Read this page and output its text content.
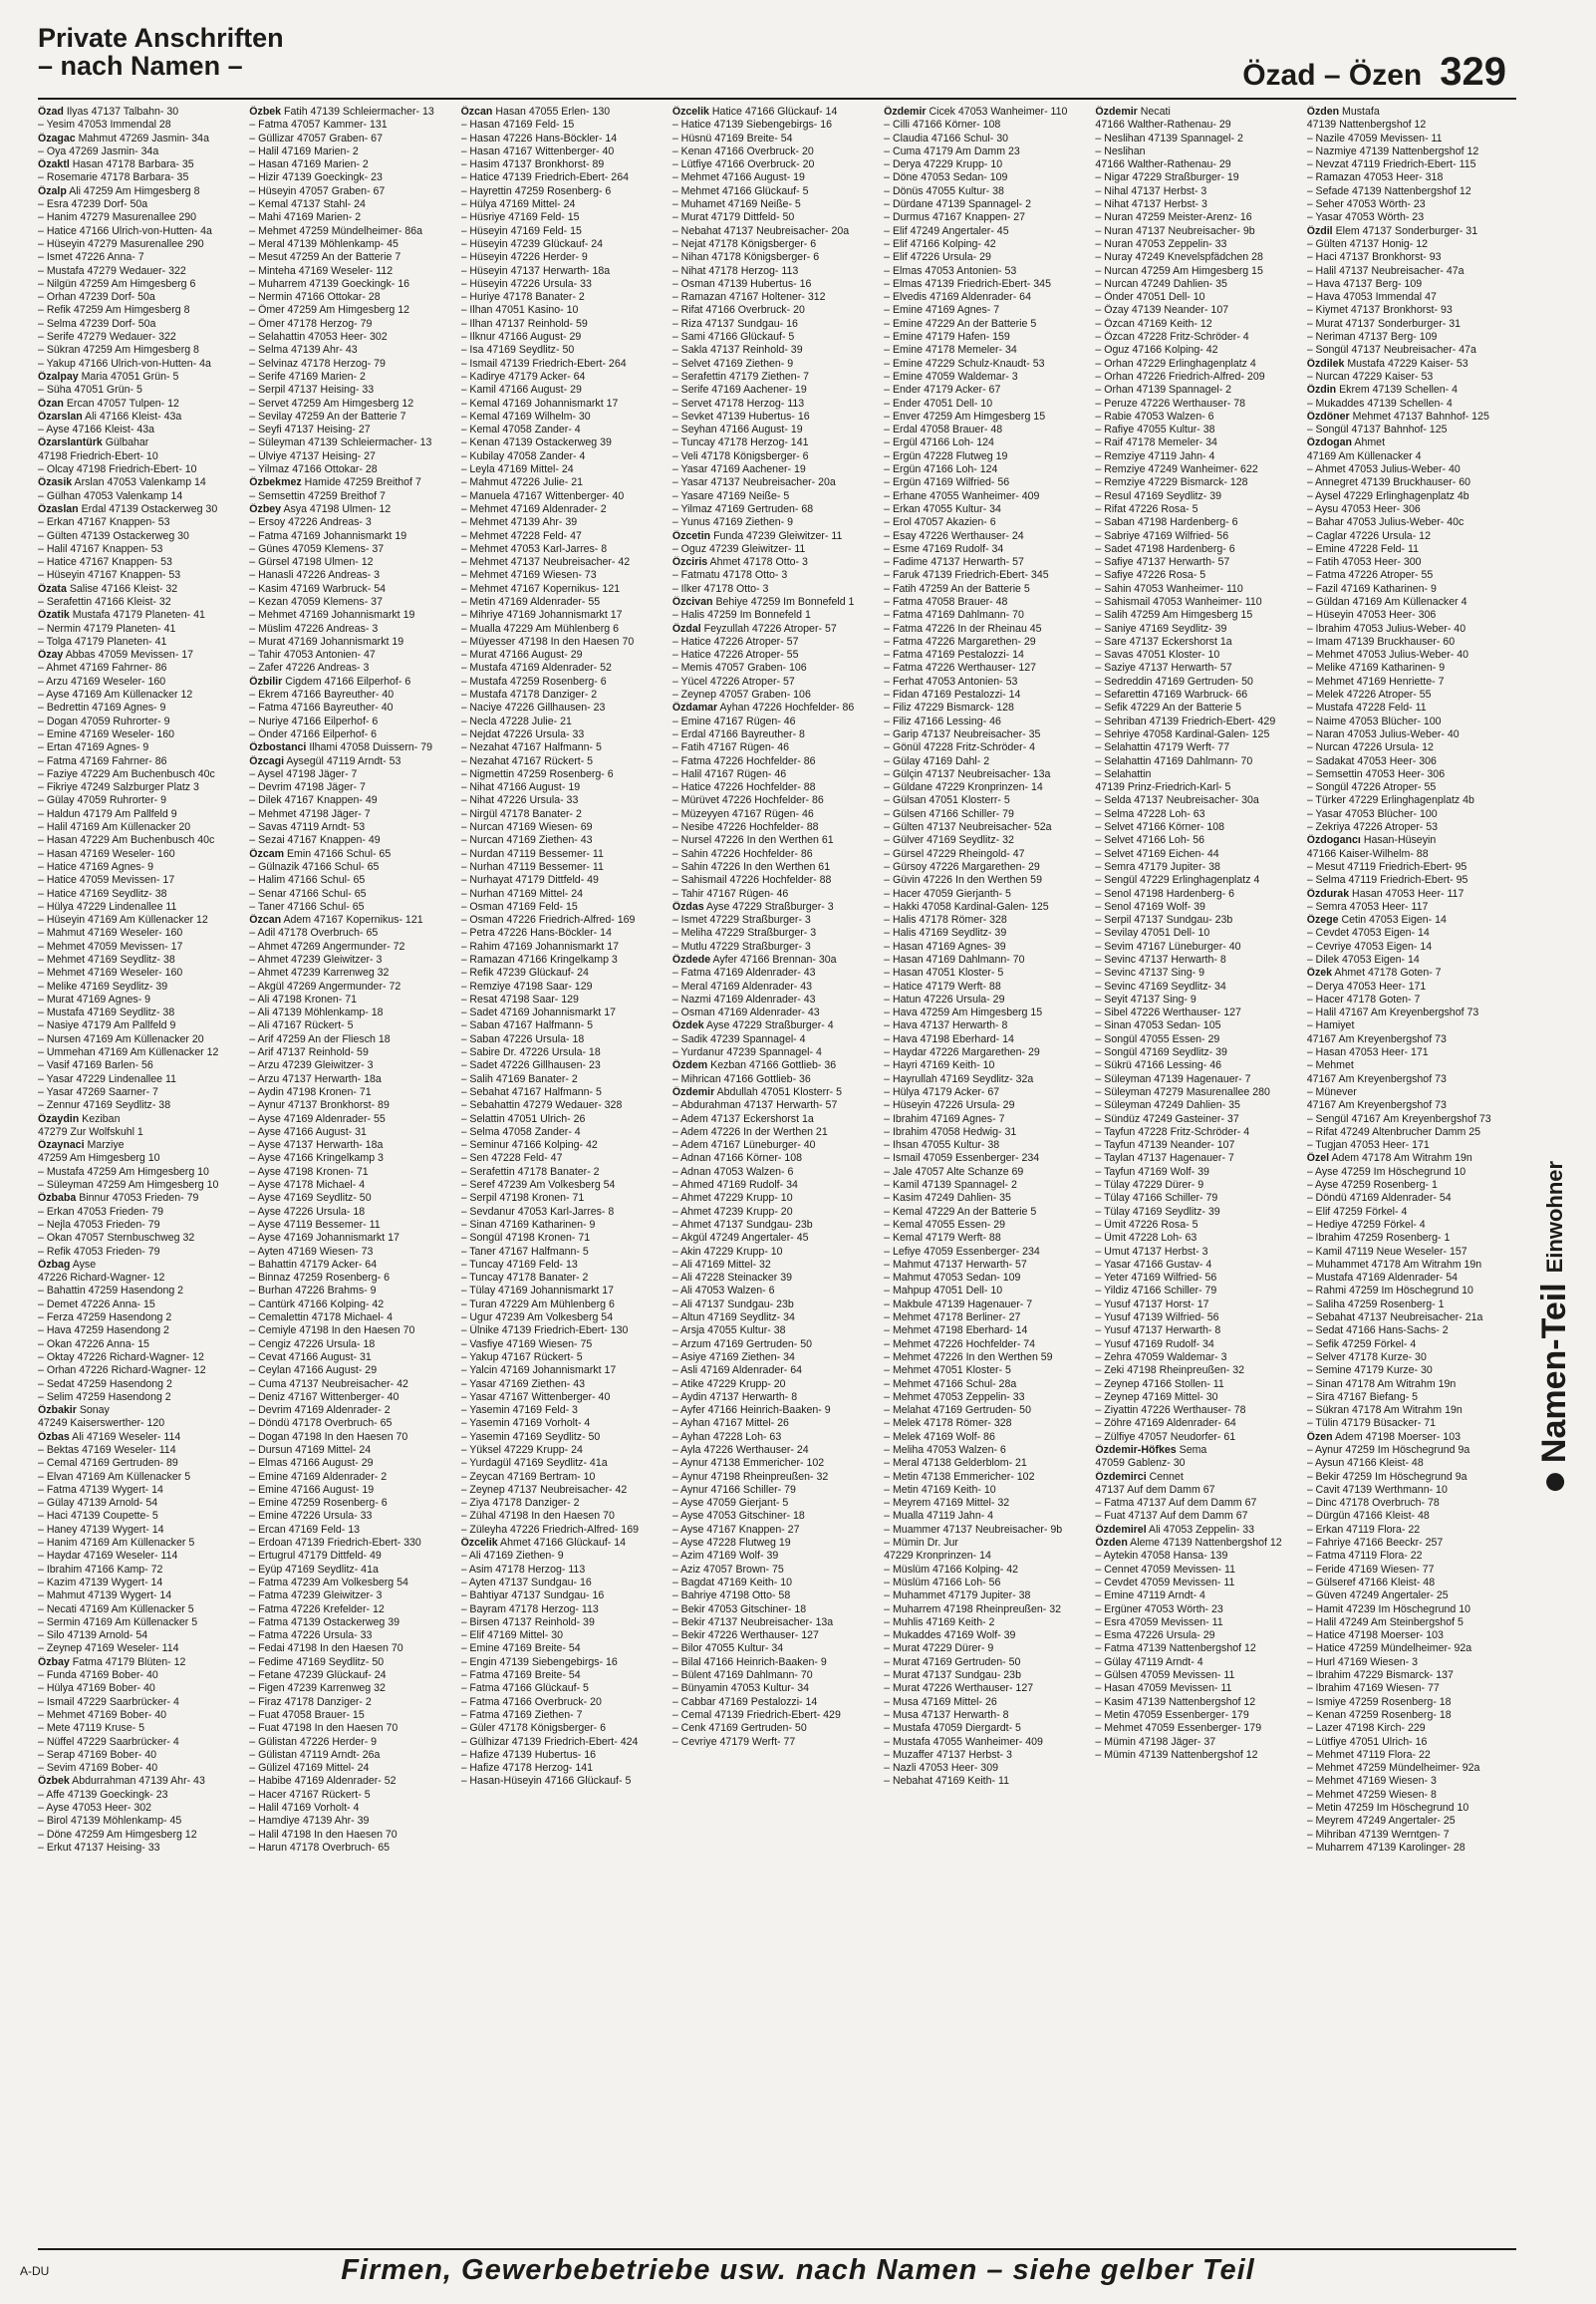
Private Anschriften
– nach Namen –	Özad – Özen 329
Özad Ilyas 47137 Talbahn- 30
– Yesim 47053 Immendal 28
Özagac Mahmut 47269 Jasmin- 34a
– Oya 47269 Jasmin- 34a
Özaktl Hasan 47178 Barbara- 35
– Rosemarie 47178 Barbara- 35
Özalp Ali 47259 Am Himgesberg 8
– Esra 47239 Dorf- 50a
– Hanim 47279 Masurenallee 290
– Hatice 47166 Ulrich-von-Hutten- 4a
– Hüseyin 47279 Masurenallee 290
– Ismet 47226 Anna- 7
– Mustafa 47279 Wedauer- 322
– Nilgün 47259 Am Himgesberg 6
– Orhan 47239 Dorf- 50a
– Refik 47259 Am Himgesberg 8
– Selma 47239 Dorf- 50a
– Serife 47279 Wedauer- 322
– Sükran 47259 Am Himgesberg 8
– Yakup 47166 Ulrich-von-Hutten- 4a
Özalpay Maria 47051 Grün- 5
– Süha 47051 Grün- 5
Özan Ercan 47057 Tulpen- 12
Özarslan Ali 47166 Kleist- 43a
– Ayse 47166 Kleist- 43a
Özarslantürk Gülbahar
47198 Friedrich-Ebert- 10
– Olcay 47198 Friedrich-Ebert- 10
Özasik Arslan 47053 Valenkamp 14
– Gülhan 47053 Valenkamp 14
Özaslan Erdal 47139 Ostackerweg 30
– Erkan 47167 Knappen- 53
– Gülten 47139 Ostackerweg 30
– Halil 47167 Knappen- 53
– Hatice 47167 Knappen- 53
– Hüseyin 47167 Knappen- 53
Özata Salise 47166 Kleist- 32
– Serafettin 47166 Kleist- 32
Özatik Mustafa 47179 Planeten- 41
– Nermin 47179 Planeten- 41
– Tolga 47179 Planeten- 41
Özay Abbas 47059 Mevissen- 17
– Ahmet 47169 Fahrner- 86
– Arzu 47169 Weseler- 160
– Ayse 47169 Am Küllenacker 12
– Bedrettin 47169 Agnes- 9
– Dogan 47059 Ruhrorter- 9
– Emine 47169 Weseler- 160
– Ertan 47169 Agnes- 9
– Fatma 47169 Fahrner- 86
– Faziye 47229 Am Buchenbusch 40c
– Fikriye 47249 Salzburger Platz 3
– Gülay 47059 Ruhrorter- 9
– Haldun 47179 Am Pallfeld 9
– Halil 47169 Am Küllenacker 20
– Hasan 47229 Am Buchenbusch 40c
– Hasan 47169 Weseler- 160
– Hatice 47169 Agnes- 9
– Hatice 47059 Mevissen- 17
– Hatice 47169 Seydlitz- 38
– Hülya 47229 Lindenallee 11
– Hüseyin 47169 Am Küllenacker 12
– Mahmut 47169 Weseler- 160
– Mehmet 47059 Mevissen- 17
– Mehmet 47169 Seydlitz- 38
– Mehmet 47169 Weseler- 160
– Melike 47169 Seydlitz- 39
– Murat 47169 Agnes- 9
– Mustafa 47169 Seydlitz- 38
– Nasiye 47179 Am Pallfeld 9
– Nursen 47169 Am Küllenacker 20
– Ummehan 47169 Am Küllenacker 12
– Vasif 47169 Barlen- 56
– Yasar 47229 Lindenallee 11
– Yasar 47269 Saarner- 7
– Zennur 47169 Seydlitz- 38
Özaydin Keziban
47279 Zur Wolfskuhl 1
Özaynaci Marziye
47259 Am Himgesberg 10
– Mustafa 47259 Am Himgesberg 10
– Süleyman 47259 Am Himgesberg 10
Özbaba Binnur 47053 Frieden- 79
– Erkan 47053 Frieden- 79
– Nejla 47053 Frieden- 79
– Okan 47057 Sternbuschweg 32
– Refik 47053 Frieden- 79
Özbag Ayse
47226 Richard-Wagner- 12
– Bahattin 47259 Hasendong 2
– Demet 47226 Anna- 15
– Ferza 47259 Hasendong 2
– Hava 47259 Hasendong 2
– Okan 47226 Anna- 15
– Oktay 47226 Richard-Wagner- 12
– Orhan 47226 Richard-Wagner- 12
– Sedat 47259 Hasendong 2
– Selim 47259 Hasendong 2
Özbakir Sonay
47249 Kaiserswerther- 120
Özbas Ali 47169 Weseler- 114
– Bektas 47169 Weseler- 114
– Cemal 47169 Gertruden- 89
– Elvan 47169 Am Küllenacker 5
– Fatma 47139 Wygert- 14
– Gülay 47139 Arnold- 54
– Haci 47139 Coupette- 5
– Haney 47139 Wygert- 14
– Hanim 47169 Am Küllenacker 5
– Haydar 47169 Weseler- 114
– Ibrahim 47166 Kamp- 72
– Kazim 47139 Wygert- 14
– Mahmut 47139 Wygert- 14
– Necati 47169 Am Küllenacker 5
– Sermin 47169 Am Küllenacker 5
– Silo 47139 Arnold- 54
– Zeynep 47169 Weseler- 114
Özbay Fatma 47179 Blüten- 12
– Funda 47169 Bober- 40
– Hülya 47169 Bober- 40
– Ismail 47229 Saarbrücker- 4
– Mehmet 47169 Bober- 40
– Mete 47119 Kruse- 5
– Nüffel 47229 Saarbrücker- 4
– Serap 47169 Bober- 40
– Sevim 47169 Bober- 40
Özbek Abdurrahman 47139 Ahr- 43
– Affe 47139 Goeckingk- 23
– Ayse 47053 Heer- 302
– Birol 47139 Möhlenkamp- 45
– Döne 47259 Am Himgesberg 12
– Erkut 47137 Heising- 33
Özbek Fatih 47139 Schleiermacher- 13
– Fatma 47057 Kammer- 131
– Güllizar 47057 Graben- 67
– Halil 47169 Marien- 2
– Hasan 47169 Marien- 2
– Hizir 47139 Goeckingk- 23
– Hüseyin 47057 Graben- 67
– Kemal 47137 Stahl- 24
– Mahi 47169 Marien- 2
– Mehmet 47259 Mündelheimer- 86a
– Meral 47139 Möhlenkamp- 45
– Mesut 47259 An der Batterie 7
– Minteha 47169 Weseler- 112
– Muharrem 47139 Goeckingk- 16
– Nermin 47166 Ottokar- 28
– Ömer 47259 Am Himgesberg 12
– Ömer 47178 Herzog- 79
– Selahattin 47053 Heer- 302
– Selma 47139 Ahr- 43
– Selvinaz 47178 Herzog- 79
– Serife 47169 Marien- 2
– Serpil 47137 Heising- 33
– Servet 47259 Am Himgesberg 12
– Sevilay 47259 An der Batterie 7
– Seyfi 47137 Heising- 27
– Süleyman 47139 Schleiermacher- 13
– Ülviye 47137 Heising- 27
– Yilmaz 47166 Ottokar- 28
Özbekmez Hamide 47259 Breithof 7
– Semsettin 47259 Breithof 7
Özbey Asya 47198 Ulmen- 12
– Ersoy 47226 Andreas- 3
– Fatma 47169 Johannismarkt 19
– Günes 47059 Klemens- 37
– Gürsel 47198 Ulmen- 12
– Hanasli 47226 Andreas- 3
– Kasim 47169 Warbruck- 54
– Kezan 47059 Klemens- 37
– Mehmet 47169 Johannismarkt 19
– Müslim 47226 Andreas- 3
– Murat 47169 Johannismarkt 19
– Tahir 47053 Antonien- 47
– Zafer 47226 Andreas- 3
Özbilir Cigdem 47166 Eilperhof- 6
– Ekrem 47166 Bayreuther- 40
– Fatma 47166 Bayreuther- 40
– Nuriye 47166 Eilperhof- 6
– Önder 47166 Eilperhof- 6
Özbostanci Ilhami 47058 Duissern- 79
Özcagi Aysegül 47119 Arndt- 53
– Aysel 47198 Jäger- 7
– Devrim 47198 Jäger- 7
– Dilek 47167 Knappen- 49
– Mehmet 47198 Jäger- 7
– Savas 47119 Arndt- 53
– Sezai 47167 Knappen- 49
Özcam Emin 47166 Schul- 65
– Gülnazik 47166 Schul- 65
– Halim 47166 Schul- 65
– Senar 47166 Schul- 65
– Taner 47166 Schul- 65
Özcan Adem 47167 Kopernikus- 121
– Adil 47178 Overbruch- 65
– Ahmet 47269 Angermunder- 72
– Ahmet 47239 Gleiwitzer- 3
– Ahmet 47239 Karrenweg 32
– Akgül 47269 Angermunder- 72
– Ali 47198 Kronen- 71
– Ali 47139 Möhlenkamp- 18
– Ali 47167 Rückert- 5
– Arif 47259 An der Fliesch 18
– Arif 47137 Reinhold- 59
– Arzu 47239 Gleiwitzer- 3
– Arzu 47137 Herwarth- 18a
– Aydin 47198 Kronen- 71
– Aynur 47137 Bronkhorst- 89
– Ayse 47169 Aldenrader- 55
– Ayse 47166 August- 31
– Ayse 47137 Herwarth- 18a
– Ayse 47166 Kringelkamp 3
– Ayse 47198 Kronen- 71
– Ayse 47178 Michael- 4
– Ayse 47169 Seydlitz- 50
– Ayse 47226 Ursula- 18
– Ayse 47119 Bessemer- 11
– Ayse 47169 Johannismarkt 17
– Ayten 47169 Wiesen- 73
– Bahattin 47179 Acker- 64
– Binnaz 47259 Rosenberg- 6
– Burhan 47226 Brahms- 9
– Cantürk 47166 Kolping- 42
– Cemalettin 47178 Michael- 4
– Cemiyle 47198 In den Haesen 70
– Cengiz 47226 Ursula- 18
– Cevat 47166 August- 31
– Ceylan 47166 August- 29
– Cuma 47137 Neubreisacher- 42
– Deniz 47167 Wittenberger- 40
– Devrim 47169 Aldenrader- 2
– Döndü 47178 Overbruch- 65
– Dogan 47198 In den Haesen 70
– Dursun 47169 Mittel- 24
– Elmas 47166 August- 29
– Emine 47169 Aldenrader- 2
– Emine 47166 August- 19
– Emine 47259 Rosenberg- 6
– Emine 47226 Ursula- 33
– Ercan 47169 Feld- 13
– Erdoan 47139 Friedrich-Ebert- 330
– Ertugrul 47179 Dittfeld- 49
– Eyüp 47169 Seydlitz- 41a
– Fatma 47239 Am Volkesberg 54
– Fatma 47239 Gleiwitzer- 3
– Fatma 47226 Krefelder- 12
– Fatma 47139 Ostackerweg 39
– Fatma 47226 Ursula- 33
– Fedai 47198 In den Haesen 70
– Fedime 47169 Seydlitz- 50
– Fetane 47239 Glückauf- 24
– Figen 47239 Karrenweg 32
– Firaz 47178 Danziger- 2
– Fuat 47058 Brauer- 15
– Fuat 47198 In den Haesen 70
– Gülistan 47226 Herder- 9
– Gülistan 47119 Arndt- 26a
– Gülizel 47169 Mittel- 24
– Habibe 47169 Aldenrader- 52
– Hacer 47167 Rückert- 5
– Halil 47169 Vorholt- 4
– Hamdiye 47139 Ahr- 39
– Halil 47198 In den Haesen 70
– Harun 47178 Overbruch- 65
Özcan Hasan 47055 Erlen- 130
– Hasan 47169 Feld- 15
– Hasan 47226 Hans-Böckler- 14
– Hasan 47167 Wittenberger- 40
– Hasim 47137 Bronkhorst- 89
– Hatice 47139 Friedrich-Ebert- 264
– Hayrettin 47259 Rosenberg- 6
– Hülya 47169 Mittel- 24
– Hüsriye 47169 Feld- 15
– Hüseyin 47169 Feld- 15
– Hüseyin 47239 Glückauf- 24
– Hüseyin 47226 Herder- 9
– Hüseyin 47137 Herwarth- 18a
– Hüseyin 47226 Ursula- 33
– Huriye 47178 Banater- 2
– Ilhan 47051 Kasino- 10
– Ilhan 47137 Reinhold- 59
– Ilknur 47166 August- 29
– Isa 47169 Seydlitz- 50
– Ismail 47139 Friedrich-Ebert- 264
– Kadirye 47179 Acker- 64
– Kamil 47166 August- 29
– Kemal 47169 Johannismarkt 17
– Kemal 47169 Wilhelm- 30
– Kemal 47058 Zander- 4
– Kenan 47139 Ostackerweg 39
– Kubilay 47058 Zander- 4
– Leyla 47169 Mittel- 24
– Mahmut 47226 Julie- 21
– Manuela 47167 Wittenberger- 40
– Mehmet 47169 Aldenrader- 2
– Mehmet 47139 Ahr- 39
– Mehmet 47228 Feld- 47
– Mehmet 47053 Karl-Jarres- 8
– Mehmet 47137 Neubreisacher- 42
– Mehmet 47169 Wiesen- 73
– Mehmet 47167 Kopernikus- 121
– Metin 47169 Aldenrader- 55
– Mihriye 47169 Johannismarkt 17
– Mualla 47229 Am Mühlenberg 6
– Müyesser 47198 In den Haesen 70
– Murat 47166 August- 29
– Mustafa 47169 Aldenrader- 52
– Mustafa 47259 Rosenberg- 6
– Mustafa 47178 Danziger- 2
– Naciye 47226 Gillhausen- 23
– Necla 47228 Julie- 21
– Nejdat 47226 Ursula- 33
– Nezahat 47167 Halfmann- 5
– Nezahat 47167 Rückert- 5
– Nigmettin 47259 Rosenberg- 6
– Nihat 47166 August- 19
– Nihat 47226 Ursula- 33
– Nirgül 47178 Banater- 2
– Nurcan 47169 Wiesen- 69
– Nurcan 47169 Ziethen- 43
– Nurdan 47119 Bessemer- 11
– Nurhan 47119 Bessemer- 11
– Nurhayat 47179 Dittfeld- 49
– Nurhan 47169 Mittel- 24
– Osman 47169 Feld- 15
– Osman 47226 Friedrich-Alfred- 169
– Petra 47226 Hans-Böckler- 14
– Rahim 47169 Johannismarkt 17
– Ramazan 47166 Kringelkamp 3
– Refik 47239 Glückauf- 24
– Remziye 47198 Saar- 129
– Resat 47198 Saar- 129
– Sadet 47169 Johannismarkt 17
– Saban 47167 Halfmann- 5
– Saban 47226 Ursula- 18
– Sabire Dr. 47226 Ursula- 18
– Sadet 47226 Gillhausen- 23
– Salih 47169 Banater- 2
– Sebahat 47167 Halfmann- 5
– Sebahattin 47279 Wedauer- 328
– Selattin 47051 Ulrich- 26
– Selma 47058 Zander- 4
– Seminur 47166 Kolping- 42
– Sen 47228 Feld- 47
– Serafettin 47178 Banater- 2
– Seref 47239 Am Volkesberg 54
– Serpil 47198 Kronen- 71
– Sevdanur 47053 Karl-Jarres- 8
– Sinan 47169 Katharinen- 9
– Songül 47198 Kronen- 71
– Taner 47167 Halfmann- 5
– Tuncay 47169 Feld- 13
– Tuncay 47178 Banater- 2
– Tülay 47169 Johannismarkt 17
– Turan 47229 Am Mühlenberg 6
– Ugur 47239 Am Volkesberg 54
– Ülnike 47139 Friedrich-Ebert- 130
– Vasfiye 47169 Wiesen- 75
– Yakup 47167 Rückert- 5
– Yalcin 47169 Johannismarkt 17
– Yasar 47169 Ziethen- 43
– Yasar 47167 Wittenberger- 40
– Yasemin 47169 Feld- 3
– Yasemin 47169 Vorholt- 4
– Yasemin 47169 Seydlitz- 50
– Yüksel 47229 Krupp- 24
– Yurdagül 47169 Seydlitz- 41a
– Zeycan 47169 Bertram- 10
– Zeynep 47137 Neubreisacher- 42
– Ziya 47178 Danziger- 2
– Zühal 47198 In den Haesen 70
– Züleyha 47226 Friedrich-Alfred- 169
Özcelik Ahmet 47166 Glückauf- 14
– Ali 47169 Ziethen- 9
– Asim 47178 Herzog- 113
– Ayten 47137 Sundgau- 16
– Bahtiyar 47137 Sundgau- 16
– Bayram 47178 Herzog- 113
– Birsen 47137 Reinhold- 39
– Elif 47169 Mittel- 30
– Emine 47169 Breite- 54
– Engin 47139 Siebengebirgs- 16
– Fatma 47169 Breite- 54
– Fatma 47166 Glückauf- 5
– Fatma 47166 Overbruck- 20
– Fatma 47169 Ziethen- 7
– Güler 47178 Königsberger- 6
– Gülhizar 47139 Friedrich-Ebert- 424
– Hafize 47139 Hubertus- 16
– Hafize 47178 Herzog- 141
– Hasan-Hüseyin 47166 Glückauf- 5
Özcelik Hatice 47166 Glückauf- 14
– Hatice 47139 Siebengebirgs- 16
– Hüsnü 47169 Breite- 54
– Kenan 47166 Overbruck- 20
– Lütfiye 47166 Overbruck- 20
– Mehmet 47166 August- 19
– Mehmet 47166 Glückauf- 5
– Muhamet 47169 Neiße- 5
– Murat 47179 Dittfeld- 50
– Nebahat 47137 Neubreisacher- 20a
– Nejat 47178 Königsberger- 6
– Nihan 47178 Königsberger- 6
– Nihat 47178 Herzog- 113
– Osman 47139 Hubertus- 16
– Ramazan 47167 Holtener- 312
– Rifat 47166 Overbruck- 20
– Riza 47137 Sundgau- 16
– Sami 47166 Glückauf- 5
– Sakla 47137 Reinhold- 39
– Selvet 47169 Ziethen- 9
– Serafettin 47179 Ziethen- 7
– Serife 47169 Aachener- 19
– Servet 47178 Herzog- 113
– Sevket 47139 Hubertus- 16
– Seyhan 47166 August- 19
– Tuncay 47178 Herzog- 141
– Veli 47178 Königsberger- 6
– Yasar 47169 Aachener- 19
– Yasar 47137 Neubreisacher- 20a
– Yasare 47169 Neiße- 5
– Yilmaz 47169 Gertruden- 68
– Yunus 47169 Ziethen- 9
Özcetin Funda 47239 Gleiwitzer- 11
– Oguz 47239 Gleiwitzer- 11
Özciris Ahmet 47178 Otto- 3
– Fatmatu 47178 Otto- 3
– Ilker 47178 Otto- 3
Özcivan Behiye 47259 Im Bonnefeld 1
– Halis 47259 Im Bonnefeld 1
Özdal Feyzullah 47226 Atroper- 57
– Hatice 47226 Atroper- 57
– Hatice 47226 Atroper- 55
– Memis 47057 Graben- 106
– Yücel 47226 Atroper- 57
– Zeynep 47057 Graben- 106
Özdamar Ayhan 47226 Hochfelder- 86
– Emine 47167 Rügen- 46
– Erdal 47166 Bayreuther- 8
– Fatih 47167 Rügen- 46
– Fatma 47226 Hochfelder- 86
– Halil 47167 Rügen- 46
– Hatice 47226 Hochfelder- 88
– Mürüvet 47226 Hochfelder- 86
– Müzeyyen 47167 Rügen- 46
– Nesibe 47226 Hochfelder- 88
– Nursel 47226 In den Werthen 61
– Sahin 47226 Hochfelder- 86
– Sahin 47226 In den Werthen 61
– Sahismail 47226 Hochfelder- 88
– Tahir 47167 Rügen- 46
Özdas Ayse 47229 Straßburger- 3
– Ismet 47229 Straßburger- 3
– Meliha 47229 Straßburger- 3
– Mutlu 47229 Straßburger- 3
Özdede Ayfer 47166 Brennan- 30a
– Fatma 47169 Aldenrader- 43
– Meral 47169 Aldenrader- 43
– Nazmi 47169 Aldenrader- 43
– Osman 47169 Aldenrader- 43
Özdek Ayse 47229 Straßburger- 4
– Sadik 47239 Spannagel- 4
– Yurdanur 47239 Spannagel- 4
Özdem Kezban 47166 Gottlieb- 36
– Mihrican 47166 Gottlieb- 36
Özdemir Abdullah 47051 Klosterr- 5
– Abdurahman 47137 Herwarth- 57
– Adem 47137 Eckershorst 1a
– Adem 47226 In der Werthen 21
– Adem 47167 Lüneburger- 40
– Adnan 47166 Körner- 108
– Adnan 47053 Walzen- 6
– Ahmed 47169 Rudolf- 34
– Ahmet 47229 Krupp- 10
– Ahmet 47239 Krupp- 20
– Ahmet 47137 Sundgau- 23b
– Akgül 47249 Angertaler- 45
– Akin 47229 Krupp- 10
– Ali 47169 Mittel- 32
– Ali 47228 Steinacker 39
– Ali 47053 Walzen- 6
– Ali 47137 Sundgau- 23b
– Altun 47169 Seydlitz- 34
– Arsja 47055 Kultur- 38
– Arzum 47169 Gertruden- 50
– Asiye 47169 Ziethen- 34
– Asli 47169 Aldenrader- 64
– Atike 47229 Krupp- 20
– Aydin 47137 Herwarth- 8
– Ayfer 47166 Heinrich-Baaken- 9
– Ayhan 47167 Mittel- 26
– Ayhan 47228 Loh- 63
– Ayla 47226 Werthauser- 24
– Aynur 47138 Emmericher- 102
– Aynur 47198 Rheinpreußen- 32
– Aynur 47166 Schiller- 79
– Ayse 47059 Gierjant- 5
– Ayse 47053 Gitschiner- 18
– Ayse 47167 Knappen- 27
– Ayse 47228 Flutweg 19
– Azim 47169 Wolf- 39
– Aziz 47057 Brown- 75
– Bagdat 47169 Keith- 10
– Bahriye 47198 Otto- 58
– Bekir 47053 Gitschiner- 18
– Bekir 47137 Neubreisacher- 13a
– Bekir 47226 Werthauser- 127
– Bilor 47055 Kultur- 34
– Bilal 47166 Heinrich-Baaken- 9
– Bülent 47169 Dahlmann- 70
– Bünyamin 47053 Kultur- 34
– Cabbar 47169 Pestalozzi- 14
– Cemal 47139 Friedrich-Ebert- 429
– Cenk 47169 Gertruden- 50
– Cevriye 47179 Werft- 77
Özdemir Cicek 47053 Wanheimer- 110
– Cilli 47166 Körner- 108
– Claudia 47166 Schul- 30
– Cuma 47179 Am Damm 23
– Derya 47229 Krupp- 10
– Döne 47053 Sedan- 109
– Dönüs 47055 Kultur- 38
– Dürdane 47139 Spannagel- 2
– Durmus 47167 Knappen- 27
– Elif 47249 Angertaler- 45
– Elif 47166 Kolping- 42
– Elif 47226 Ursula- 29
– Elmas 47053 Antonien- 53
– Elmas 47139 Friedrich-Ebert- 345
– Elvedis 47169 Aldenrader- 64
– Emine 47169 Agnes- 7
– Emine 47229 An der Batterie 5
– Emine 47179 Hafen- 159
– Emine 47178 Memeler- 34
– Emine 47229 Schulz-Knaudt- 53
– Emine 47059 Waldemar- 3
– Ender 47179 Acker- 67
– Ender 47051 Dell- 10
– Enver 47259 Am Himgesberg 15
– Erdal 47058 Brauer- 48
– Ergül 47166 Loh- 124
– Ergün 47228 Flutweg 19
– Ergün 47166 Loh- 124
– Ergün 47169 Wilfried- 56
– Erhane 47055 Wanheimer- 409
– Erkan 47055 Kultur- 34
– Erol 47057 Akazien- 6
– Esay 47226 Werthauser- 24
– Esme 47169 Rudolf- 34
– Fadime 47137 Herwarth- 57
– Faruk 47139 Friedrich-Ebert- 345
– Fatih 47259 An der Batterie 5
– Fatma 47058 Brauer- 48
– Fatma 47169 Dahlmann- 70
– Fatma 47226 In der Rheinau 45
– Fatma 47226 Margarethen- 29
– Fatma 47169 Pestalozzi- 14
– Fatma 47226 Werthauser- 127
– Ferhat 47053 Antonien- 53
– Fidan 47169 Pestalozzi- 14
– Filiz 47229 Bismarck- 128
– Filiz 47166 Lessing- 46
– Garip 47137 Neubreisacher- 35
– Gönül 47228 Fritz-Schröder- 4
– Gülay 47169 Dahl- 2
– Gülçin 47137 Neubreisacher- 13a
– Güldane 47229 Kronprinzen- 14
– Gülsan 47051 Klosterr- 5
– Gülsen 47166 Schiller- 79
– Gülten 47137 Neubreisacher- 52a
– Gülver 47169 Seydlitz- 32
– Gürsel 47229 Rheingold- 47
– Gürsoy 47226 Margarethen- 29
– Güvin 47226 In den Werthen 59
– Hacer 47059 Gierjanth- 5
– Hakki 47058 Kardinal-Galen- 125
– Halis 47178 Römer- 328
– Halis 47169 Seydlitz- 39
– Hasan 47169 Agnes- 39
– Hasan 47169 Dahlmann- 70
– Hasan 47051 Kloster- 5
– Hatice 47179 Werft- 88
– Hatun 47226 Ursula- 29
– Hava 47259 Am Himgesberg 15
– Hava 47137 Herwarth- 8
– Hava 47198 Eberhard- 14
– Haydar 47226 Margarethen- 29
– Hayri 47169 Keith- 10
– Hayrullah 47169 Seydlitz- 32a
– Hülya 47179 Acker- 67
– Hüseyin 47226 Ursula- 29
– Ibrahim 47169 Agnes- 7
– Ibrahim 47058 Hedwig- 31
– Ihsan 47055 Kultur- 38
– Ismail 47059 Essenberger- 234
– Jale 47057 Alte Schanze 69
– Kamil 47139 Spannagel- 2
– Kasim 47249 Dahlien- 35
– Kemal 47229 An der Batterie 5
– Kemal 47055 Essen- 29
– Kemal 47179 Werft- 88
– Lefiye 47059 Essenberger- 234
– Mahmut 47137 Herwarth- 57
– Mahmut 47053 Sedan- 109
– Mahpup 47051 Dell- 10
– Makbule 47139 Hagenauer- 7
– Mehmet 47178 Berliner- 27
– Mehmet 47198 Eberhard- 14
– Mehmet 47226 Hochfelder- 74
– Mehmet 47226 In den Werthen 59
– Mehmet 47051 Kloster- 5
– Mehmet 47166 Schul- 28a
– Mehmet 47053 Zeppelin- 33
– Melahat 47169 Gertruden- 50
– Melek 47178 Römer- 328
– Melek 47169 Wolf- 86
– Meliha 47053 Walzen- 6
– Meral 47138 Gelderblom- 21
– Metin 47138 Emmericher- 102
– Metin 47169 Keith- 10
– Meyrem 47169 Mittel- 32
– Mualla 47119 Jahn- 4
– Muammer 47137 Neubreisacher- 9b
– Mümin Dr. Jur
47229 Kronprinzen- 14
– Müslüm 47166 Kolping- 42
– Müslüm 47166 Loh- 56
– Muhammet 47179 Jupiter- 38
– Muharrem 47198 Rheinpreußen- 32
– Muhlis 47169 Keith- 2
– Mukaddes 47169 Wolf- 39
– Murat 47229 Dürer- 9
– Murat 47169 Gertruden- 50
– Murat 47137 Sundgau- 23b
– Murat 47226 Werthauser- 127
– Musa 47169 Mittel- 26
– Musa 47137 Herwarth- 8
– Mustafa 47059 Diergardt- 5
– Mustafa 47055 Wanheimer- 409
– Muzaffer 47137 Herbst- 3
– Nazli 47053 Heer- 309
– Nebahat 47169 Keith- 11
Özdemir Necati
47166 Walther-Rathenau- 29
– Neslihan 47139 Spannagel- 2
– Neslihan
47166 Walther-Rathenau- 29
– Nigar 47229 Straßburger- 19
– Nihal 47137 Herbst- 3
– Nihat 47137 Herbst- 3
– Nuran 47259 Meister-Arenz- 16
– Nuran 47137 Neubreisacher- 9b
– Nuran 47053 Zeppelin- 33
– Nuray 47249 Knevelspfädchen 28
– Nurcan 47259 Am Himgesberg 15
– Nurcan 47249 Dahlien- 35
– Önder 47051 Dell- 10
– Özay 47139 Neander- 107
– Özcan 47169 Keith- 12
– Özcan 47228 Fritz-Schröder- 4
– Oguz 47166 Kolping- 42
– Orhan 47229 Erlinghagenplatz 4
– Orhan 47226 Friedrich-Alfred- 209
– Orhan 47139 Spannagel- 2
– Peruze 47226 Werthauser- 78
– Rabie 47053 Walzen- 6
– Rafiye 47055 Kultur- 38
– Raif 47178 Memeler- 34
– Remziye 47119 Jahn- 4
– Remziye 47249 Wanheimer- 622
– Remziye 47229 Bismarck- 128
– Resul 47169 Seydlitz- 39
– Rifat 47226 Rosa- 5
– Saban 47198 Hardenberg- 6
– Sabriye 47169 Wilfried- 56
– Sadet 47198 Hardenberg- 6
– Safiye 47137 Herwarth- 57
– Safiye 47226 Rosa- 5
– Sahin 47053 Wanheimer- 110
– Sahismail 47053 Wanheimer- 110
– Salih 47259 Am Himgesberg 15
– Saniye 47169 Seydlitz- 39
– Sare 47137 Eckershorst 1a
– Savas 47051 Kloster- 10
– Saziye 47137 Herwarth- 57
– Sedreddin 47169 Gertruden- 50
– Sefarettin 47169 Warbruck- 66
– Sefik 47229 An der Batterie 5
– Sehriban 47139 Friedrich-Ebert- 429
– Sehriye 47058 Kardinal-Galen- 125
– Selahattin 47179 Werft- 77
– Selahattin 47169 Dahlmann- 70
– Selahattin
47139 Prinz-Friedrich-Karl- 5
– Selda 47137 Neubreisacher- 30a
– Selma 47228 Loh- 63
– Selvet 47166 Körner- 108
– Selvet 47166 Loh- 56
– Selvet 47169 Eichen- 44
– Semra 47179 Jupiter- 38
– Sengül 47229 Erlinghagenplatz 4
– Senol 47198 Hardenberg- 6
– Senol 47169 Wolf- 39
– Serpil 47137 Sundgau- 23b
– Sevilay 47051 Dell- 10
– Sevim 47167 Lüneburger- 40
– Sevinc 47137 Herwarth- 8
– Sevinc 47137 Sing- 9
– Sevinc 47169 Seydlitz- 34
– Seyit 47137 Sing- 9
– Sibel 47226 Werthauser- 127
– Sinan 47053 Sedan- 105
– Songül 47055 Essen- 29
– Songül 47169 Seydlitz- 39
– Sükrü 47166 Lessing- 46
– Süleyman 47139 Hagenauer- 7
– Süleyman 47279 Masurenallee 280
– Süleyman 47249 Dahlien- 35
– Sündüz 47249 Gasteiner- 37
– Tayfun 47228 Fritz-Schröder- 4
– Tayfun 47139 Neander- 107
– Taylan 47137 Hagenauer- 7
– Tayfun 47169 Wolf- 39
– Tülay 47229 Dürer- 9
– Tülay 47166 Schiller- 79
– Tülay 47169 Seydlitz- 39
– Ümit 47226 Rosa- 5
– Ümit 47228 Loh- 63
– Umut 47137 Herbst- 3
– Yasar 47166 Gustav- 4
– Yeter 47169 Wilfried- 56
– Yildiz 47166 Schiller- 79
– Yusuf 47137 Horst- 17
– Yusuf 47139 Wilfried- 56
– Yusuf 47137 Herwarth- 8
– Yusuf 47169 Rudolf- 34
– Zehra 47059 Waldemar- 3
– Zeki 47198 Rheinpreußen- 32
– Zeynep 47166 Stollen- 11
– Zeynep 47169 Mittel- 30
– Ziyattin 47226 Werthauser- 78
– Zöhre 47169 Aldenrader- 64
– Zülfiye 47057 Neudorfer- 61
Özdemir-Höfkes Sema
47059 Gablenz- 30
Özdemirci Cennet
47137 Auf dem Damm 67
– Fatma 47137 Auf dem Damm 67
– Fuat 47137 Auf dem Damm 67
Özdemirel Ali 47053 Zeppelin- 33
Özden Aleme 47139 Nattenbergshof 12
– Aytekin 47058 Hansa- 139
– Cennet 47059 Mevissen- 11
– Cevdet 47059 Mevissen- 11
– Emine 47119 Arndt- 4
– Ergüner 47053 Wörth- 23
– Esra 47059 Mevissen- 11
– Esma 47226 Ursula- 29
– Fatma 47139 Nattenbergshof 12
– Gülay 47119 Arndt- 4
– Gülsen 47059 Mevissen- 11
– Hasan 47059 Mevissen- 11
– Kasim 47139 Nattenbergshof 12
– Metin 47059 Essenberger- 179
– Mehmet 47059 Essenberger- 179
– Mümin 47198 Jäger- 37
– Mümin 47139 Nattenbergshof 12
Özden Mustafa
47139 Nattenbergshof 12
– Nazile 47059 Mevissen- 11
– Nazmiye 47139 Nattenbergshof 12
– Nevzat 47119 Friedrich-Ebert- 115
– Ramazan 47053 Heer- 318
– Sefade 47139 Nattenbergshof 12
– Seher 47053 Wörth- 23
– Yasar 47053 Wörth- 23
Özdil Elem 47137 Sonderburger- 31
– Gülten 47137 Honig- 12
– Haci 47137 Bronkhorst- 93
– Halil 47137 Neubreisacher- 47a
– Hava 47137 Berg- 109
– Hava 47053 Immendal 47
– Kiymet 47137 Bronkhorst- 93
– Murat 47137 Sonderburger- 31
– Neriman 47137 Berg- 109
– Songül 47137 Neubreisacher- 47a
Özdilek Mustafa 47229 Kaiser- 53
– Nurcan 47229 Kaiser- 53
Özdin Ekrem 47139 Schellen- 4
– Mukaddes 47139 Schellen- 4
Özdöner Mehmet 47137 Bahnhof- 125
– Songül 47137 Bahnhof- 125
Özdogan Ahmet
47169 Am Küllenacker 4
– Ahmet 47053 Julius-Weber- 40
– Annegret 47139 Bruckhauser- 60
– Aysel 47229 Erlinghagenplatz 4b
– Aysu 47053 Heer- 306
– Bahar 47053 Julius-Weber- 40c
– Caglar 47226 Ursula- 12
– Emine 47228 Feld- 11
– Fatih 47053 Heer- 300
– Fatma 47226 Atroper- 55
– Fazil 47169 Katharinen- 9
– Güldan 47169 Am Küllenacker 4
– Hüseyin 47053 Heer- 306
– Ibrahim 47053 Julius-Weber- 40
– Imam 47139 Bruckhauser- 60
– Mehmet 47053 Julius-Weber- 40
– Melike 47169 Katharinen- 9
– Mehmet 47169 Henriette- 7
– Melek 47226 Atroper- 55
– Mustafa 47228 Feld- 11
– Naime 47053 Blücher- 100
– Naran 47053 Julius-Weber- 40
– Nurcan 47226 Ursula- 12
– Sadakat 47053 Heer- 306
– Semsettin 47053 Heer- 306
– Songül 47226 Atroper- 55
– Türker 47229 Erlinghagenplatz 4b
– Yasar 47053 Blücher- 100
– Zekriya 47226 Atroper- 53
Özdogancı Hasan-Hüseyin
47166 Kaiser-Wilhelm- 88
– Mesut 47119 Friedrich-Ebert- 95
– Selma 47119 Friedrich-Ebert- 95
Özdurak Hasan 47053 Heer- 117
– Semra 47053 Heer- 117
Özege Cetin 47053 Eigen- 14
– Cevdet 47053 Eigen- 14
– Cevriye 47053 Eigen- 14
– Dilek 47053 Eigen- 14
Özek Ahmet 47178 Goten- 7
– Derya 47053 Heer- 171
– Hacer 47178 Goten- 7
– Halil 47167 Am Kreyenbergshof 73
– Hamiyet
47167 Am Kreyenbergshof 73
– Hasan 47053 Heer- 171
– Mehmet
47167 Am Kreyenbergshof 73
– Münever
47167 Am Kreyenbergshof 73
– Sengül 47167 Am Kreyenbergshof 73
– Rifat 47249 Altenbrucher Damm 25
– Tugjan 47053 Heer- 171
Özel Adem 47178 Am Witrahm 19n
– Ayse 47259 Im Höschegrund 10
– Ayse 47259 Rosenberg- 1
– Döndü 47169 Aldenrader- 54
– Elif 47259 Förkel- 4
– Hediye 47259 Förkel- 4
– Ibrahim 47259 Rosenberg- 1
– Kamil 47119 Neue Weseler- 157
– Muhammet 47178 Am Witrahm 19n
– Mustafa 47169 Aldenrader- 54
– Rahmi 47259 Im Höschegrund 10
– Saliha 47259 Rosenberg- 1
– Sebahat 47137 Neubreisacher- 21a
– Sedat 47166 Hans-Sachs- 2
– Sefik 47259 Förkel- 4
– Selver 47178 Kurze- 30
– Semine 47179 Kurze- 30
– Sinan 47178 Am Witrahm 19n
– Sira 47167 Biefang- 5
– Sükran 47178 Am Witrahm 19n
– Tülin 47179 Büsacker- 71
Özen Adem 47198 Moerser- 103
– Aynur 47259 Im Höschegrund 9a
– Aysun 47166 Kleist- 48
– Bekir 47259 Im Höschegrund 9a
– Cavit 47139 Werthmann- 10
– Dinc 47178 Overbruch- 78
– Dürgün 47166 Kleist- 48
– Erkan 47119 Flora- 22
– Fahriye 47166 Beeckr- 257
– Fatma 47119 Flora- 22
– Feride 47169 Wiesen- 77
– Gülseref 47166 Kleist- 48
– Güven 47249 Angertaler- 25
– Hamit 47239 Im Höschegrund 10
– Halil 47249 Am Steinbergshof 5
– Hatice 47198 Moerser- 103
– Hatice 47259 Mündelheimer- 92a
– Hurl 47169 Wiesen- 3
– Ibrahim 47229 Bismarck- 137
– Ibrahim 47169 Wiesen- 77
– Ismiye 47259 Rosenberg- 18
– Kenan 47259 Rosenberg- 18
– Lazer 47198 Kirch- 229
– Lütfiye 47051 Ulrich- 16
– Mehmet 47119 Flora- 22
– Mehmet 47259 Mündelheimer- 92a
– Mehmet 47169 Wiesen- 3
– Mehmet 47259 Wiesen- 8
– Metin 47259 Im Höschegrund 10
– Meyrem 47249 Angertaler- 25
– Mihriban 47139 Werntgen- 7
– Muharrem 47139 Karolinger- 28
Namen-Teil
Einwohner
A-DU	Firmen, Gewerbebetriebe usw. nach Namen – siehe gelber Teil
